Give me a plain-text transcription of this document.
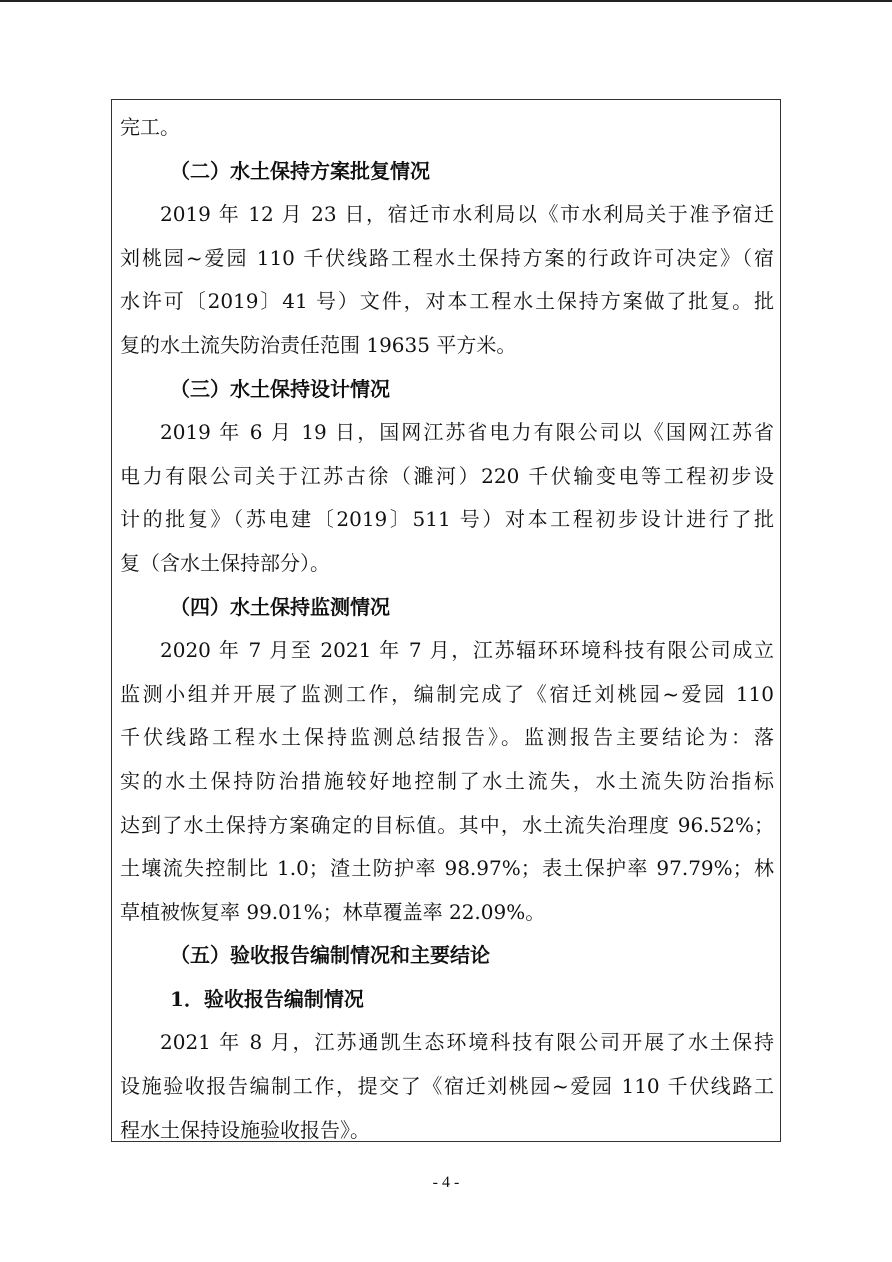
完工。
（二）水土保持方案批复情况
2019 年 12 月 23 日，宿迁市水利局以《市水利局关于准予宿迁
刘桃园~爱园 110 千伏线路工程水土保持方案的行政许可决定》（宿
水许可〔2019〕41 号）文件，对本工程水土保持方案做了批复。批
复的水土流失防治责任范围 19635 平方米。
（三）水土保持设计情况
2019 年 6 月 19 日，国网江苏省电力有限公司以《国网江苏省
电力有限公司关于江苏古徐（濉河）220 千伏输变电等工程初步设
计的批复》（苏电建〔2019〕511 号）对本工程初步设计进行了批
复（含水土保持部分）。
（四）水土保持监测情况
2020 年 7 月至 2021 年 7 月，江苏辐环环境科技有限公司成立
监测小组并开展了监测工作，编制完成了《宿迁刘桃园~爱园 110
千伏线路工程水土保持监测总结报告》。监测报告主要结论为：落
实的水土保持防治措施较好地控制了水土流失，水土流失防治指标
达到了水土保持方案确定的目标值。其中，水土流失治理度 96.52%；
土壤流失控制比 1.0；渣土防护率 98.97%；表土保护率 97.79%；林
草植被恢复率 99.01%；林草覆盖率 22.09%。
（五）验收报告编制情况和主要结论
1．验收报告编制情况
2021 年 8 月，江苏通凯生态环境科技有限公司开展了水土保持
设施验收报告编制工作，提交了《宿迁刘桃园~爱园 110 千伏线路工
程水土保持设施验收报告》。
- 4 -
